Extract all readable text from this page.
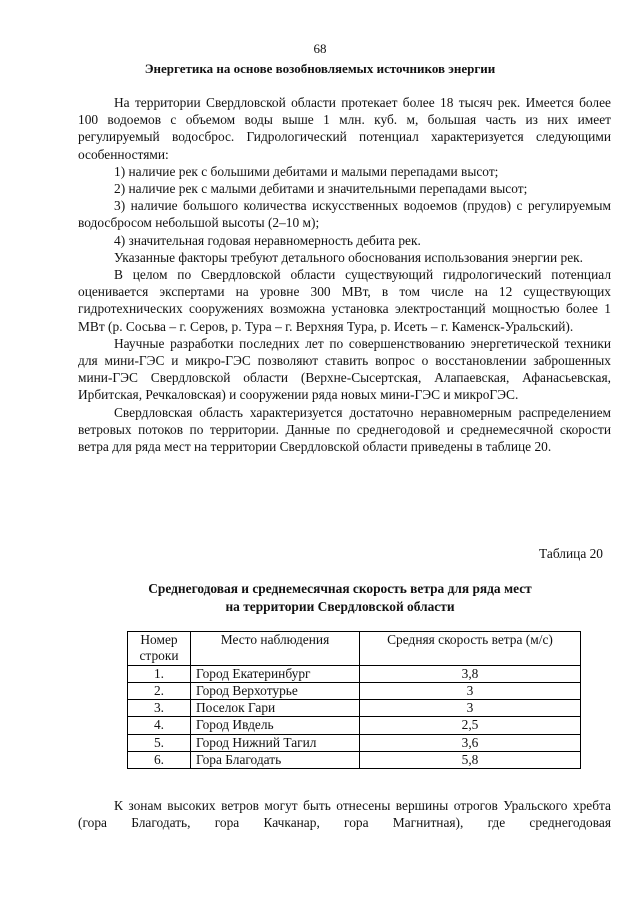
68
Энергетика на основе возобновляемых источников энергии

На территории Свердловской области протекает более 18 тысяч рек. Имеется более 100 водоемов с объемом воды выше 1 млн. куб. м, большая часть из них имеет регулируемый водосброс. Гидрологический потенциал характеризуется следующими особенностями:

1) наличие рек с большими дебитами и малыми перепадами высот;

2) наличие рек с малыми дебитами и значительными перепадами высот;

3) наличие большого количества искусственных водоемов (прудов) с регулируемым водосбросом небольшой высоты (2–10 м);

4) значительная годовая неравномерность дебита рек.

Указанные факторы требуют детального обоснования использования энергии рек.

В целом по Свердловской области существующий гидрологический потенциал оценивается экспертами на уровне 300 МВт, в том числе на 12 существующих гидротехнических сооружениях возможна установка электростанций мощностью более 1 МВт (р. Сосьва – г. Серов, р. Тура – г. Верхняя Тура, р. Исеть – г. Каменск-Уральский).

Научные разработки последних лет по совершенствованию энергетической техники для мини-ГЭС и микро-ГЭС позволяют ставить вопрос о восстановлении заброшенных мини-ГЭС Свердловской области (Верхне-Сысертская, Алапаевская, Афанасьевская, Ирбитская, Речкаловская) и сооружении ряда новых мини-ГЭС и микроГЭС.

Свердловская область характеризуется достаточно неравномерным распределением ветровых потоков по территории. Данные по среднегодовой и среднемесячной скорости ветра для ряда мест на территории Свердловской области приведены в таблице 20.

Таблица 20
Среднегодовая и среднемесячная скорость ветра для ряда мест
на территории Свердловской области
Номер строки	Место наблюдения	Средняя скорость ветра (м/с)
1.	Город Екатеринбург	3,8
2.	Город Верхотурье	3
3.	Поселок Гари	3
4.	Город Ивдель	2,5
5.	Город Нижний Тагил	3,6
6.	Гора Благодать	5,8

К зонам высоких ветров могут быть отнесены вершины отрогов Уральского хребта (гора Благодать, гора Качканар, гора Магнитная), где среднегодовая
